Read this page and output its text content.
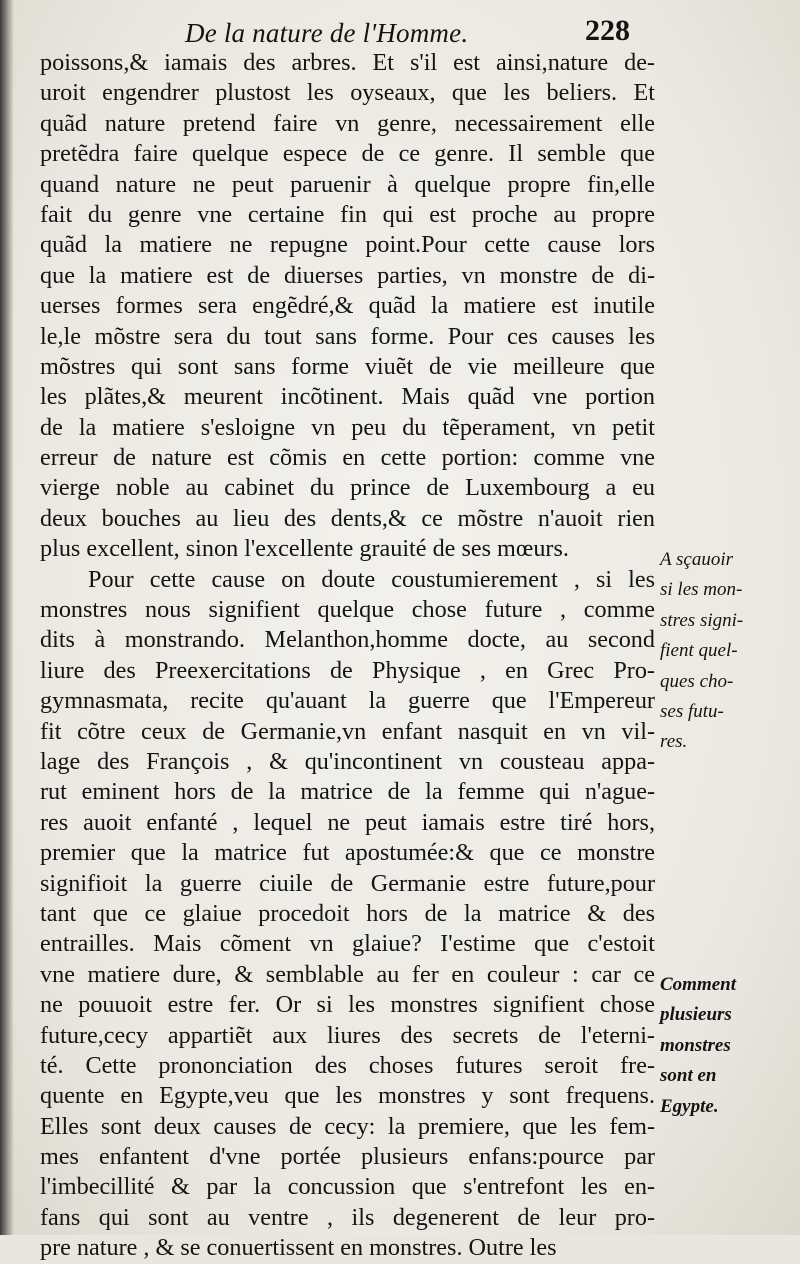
De la nature de l'Homme.	228
poissons,& iamais des arbres. Et s'il est ainsi,nature de-
uroit engendrer plustost les oyseaux, que les beliers. Et
quãd nature pretend faire vn genre, necessairement elle
pretẽdra faire quelque espece de ce genre. Il semble que
quand nature ne peut paruenir à quelque propre fin,elle
fait du genre vne certaine fin qui est proche au propre
quãd la matiere ne repugne point.Pour cette cause lors
que la matiere est de diuerses parties, vn monstre de di-
uerses formes sera engẽdré,& quãd la matiere est inutile
le,le mõstre sera du tout sans forme. Pour ces causes les
mõstres qui sont sans forme viuẽt de vie meilleure que
les plãtes,& meurent incõtinent. Mais quãd vne portion
de la matiere s'esloigne vn peu du tẽperament, vn petit
erreur de nature est cõmis en cette portion: comme vne
vierge noble au cabinet du prince de Luxembourg a eu
deux bouches au lieu des dents,& ce mõstre n'auoit rien
plus excellent, sinon l'excellente grauité de ses mœurs.
Pour cette cause on doute coustumierement , si les
monstres nous signifient quelque chose future , comme
dits à monstrando. Melanthon,homme docte, au second
liure des Preexercitations de Physique , en Grec Pro-
gymnasmata, recite qu'auant la guerre que l'Empereur
fit cõtre ceux de Germanie,vn enfant nasquit en vn vil-
lage des François , & qu'incontinent vn cousteau appa-
rut eminent hors de la matrice de la femme qui n'ague-
res auoit enfanté , lequel ne peut iamais estre tiré hors,
premier que la matrice fut apostumée:& que ce monstre
signifioit la guerre ciuile de Germanie estre future,pour
tant que ce glaiue procedoit hors de la matrice & des
entrailles. Mais cõment vn glaiue? I'estime que c'estoit
vne matiere dure, & semblable au fer en couleur : car ce
ne pouuoit estre fer. Or si les monstres signifient chose
future,cecy appartiẽt aux liures des secrets de l'eterni-
té. Cette prononciation des choses futures seroit fre-
quente en Egypte,veu que les monstres y sont frequens.
Elles sont deux causes de cecy: la premiere, que les fem-
mes enfantent d'vne portée plusieurs enfans:pource par
l'imbecillité & par la concussion que s'entrefont les en-
fans qui sont au ventre , ils degenerent de leur pro-
pre nature , & se conuertissent en monstres. Outre les
A sçauoir
si les mon-
stres signi-
fient quel-
ques cho-
ses futu-
res.
Comment
plusieurs
monstres
sont en
Egypte.
